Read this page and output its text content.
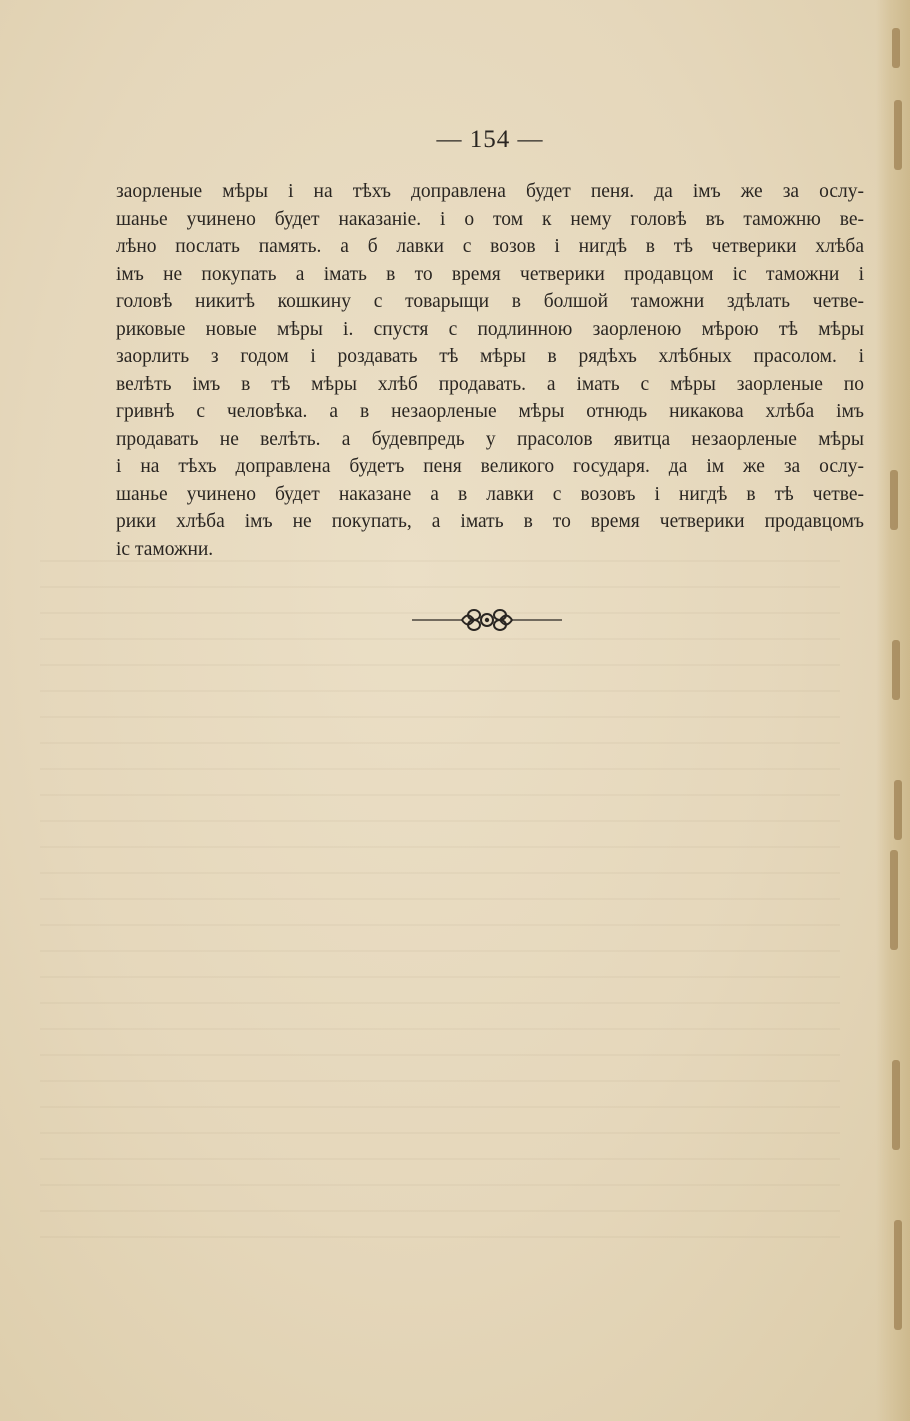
— 154 —
заорленые мѣры і на тѣхъ доправлена будет пеня. да імъ же за ослу-
шанье учинено будет наказаніе. і о том к нему головѣ въ таможню ве-
лѣно послать память. а б лавки с возов і нигдѣ в тѣ четверики хлѣба
імъ не покупать а імать в то время четверики продавцом іс таможни і
головѣ никитѣ кошкину с товарыщи в болшой таможни здѣлать четве-
риковые новые мѣры і. спустя с подлинною заорленою мѣрою тѣ мѣры
заорлить з годом і роздавать тѣ мѣры в рядѣхъ хлѣбных прасолом. і
велѣть імъ в тѣ мѣры хлѣб продавать. а імать с мѣры заорленые по
гривнѣ с человѣка. а в незаорленые мѣры отнюдь никакова хлѣба імъ
продавать не велѣть. а будевпредь у прасолов явитца незаорленые мѣры
і на тѣхъ доправлена будетъ пеня великого государя. да ім же за ослу-
шанье учинено будет наказане а в лавки с возовъ і нигдѣ в тѣ четве-
рики хлѣба імъ не покупать, а імать в то время четверики продавцомъ
іс таможни.
